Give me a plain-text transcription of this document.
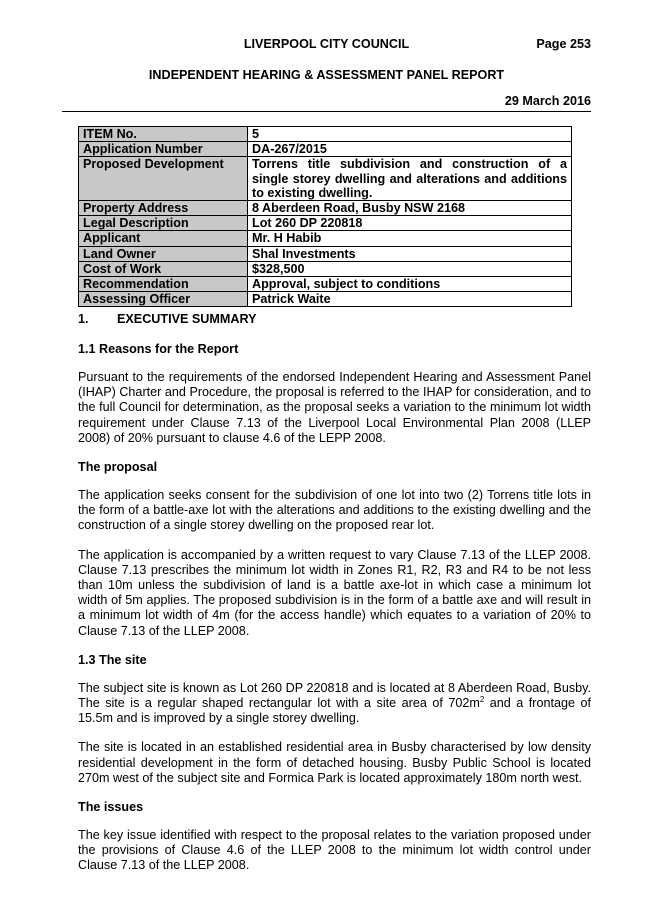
LIVERPOOL CITY COUNCIL	Page 253
INDEPENDENT HEARING & ASSESSMENT PANEL REPORT
29 March 2016
ITEM No.	5
Application Number	DA-267/2015
Proposed Development	Torrens title subdivision and construction of a single storey dwelling and alterations and additions to existing dwelling.
Property Address	8 Aberdeen Road, Busby NSW 2168
Legal Description	Lot 260 DP 220818
Applicant	Mr. H Habib
Land Owner	Shal Investments
Cost of Work	$328,500
Recommendation	Approval, subject to conditions
Assessing Officer	Patrick Waite
1. EXECUTIVE SUMMARY
1.1 Reasons for the Report
Pursuant to the requirements of the endorsed Independent Hearing and Assessment Panel (IHAP) Charter and Procedure, the proposal is referred to the IHAP for consideration, and to the full Council for determination, as the proposal seeks a variation to the minimum lot width requirement under Clause 7.13 of the Liverpool Local Environmental Plan 2008 (LLEP 2008) of 20% pursuant to clause 4.6 of the LEPP 2008.
The proposal
The application seeks consent for the subdivision of one lot into two (2) Torrens title lots in the form of a battle-axe lot with the alterations and additions to the existing dwelling and the construction of a single storey dwelling on the proposed rear lot.
The application is accompanied by a written request to vary Clause 7.13 of the LLEP 2008. Clause 7.13 prescribes the minimum lot width in Zones R1, R2, R3 and R4 to be not less than 10m unless the subdivision of land is a battle axe-lot in which case a minimum lot width of 5m applies. The proposed subdivision is in the form of a battle axe and will result in a minimum lot width of 4m (for the access handle) which equates to a variation of 20% to Clause 7.13 of the LLEP 2008.
1.3 The site
The subject site is known as Lot 260 DP 220818 and is located at 8 Aberdeen Road, Busby. The site is a regular shaped rectangular lot with a site area of $702m^2$ and a frontage of 15.5m and is improved by a single storey dwelling.
The site is located in an established residential area in Busby characterised by low density residential development in the form of detached housing. Busby Public School is located 270m west of the subject site and Formica Park is located approximately 180m north west.
The issues
The key issue identified with respect to the proposal relates to the variation proposed under the provisions of Clause 4.6 of the LLEP 2008 to the minimum lot width control under Clause 7.13 of the LLEP 2008.
